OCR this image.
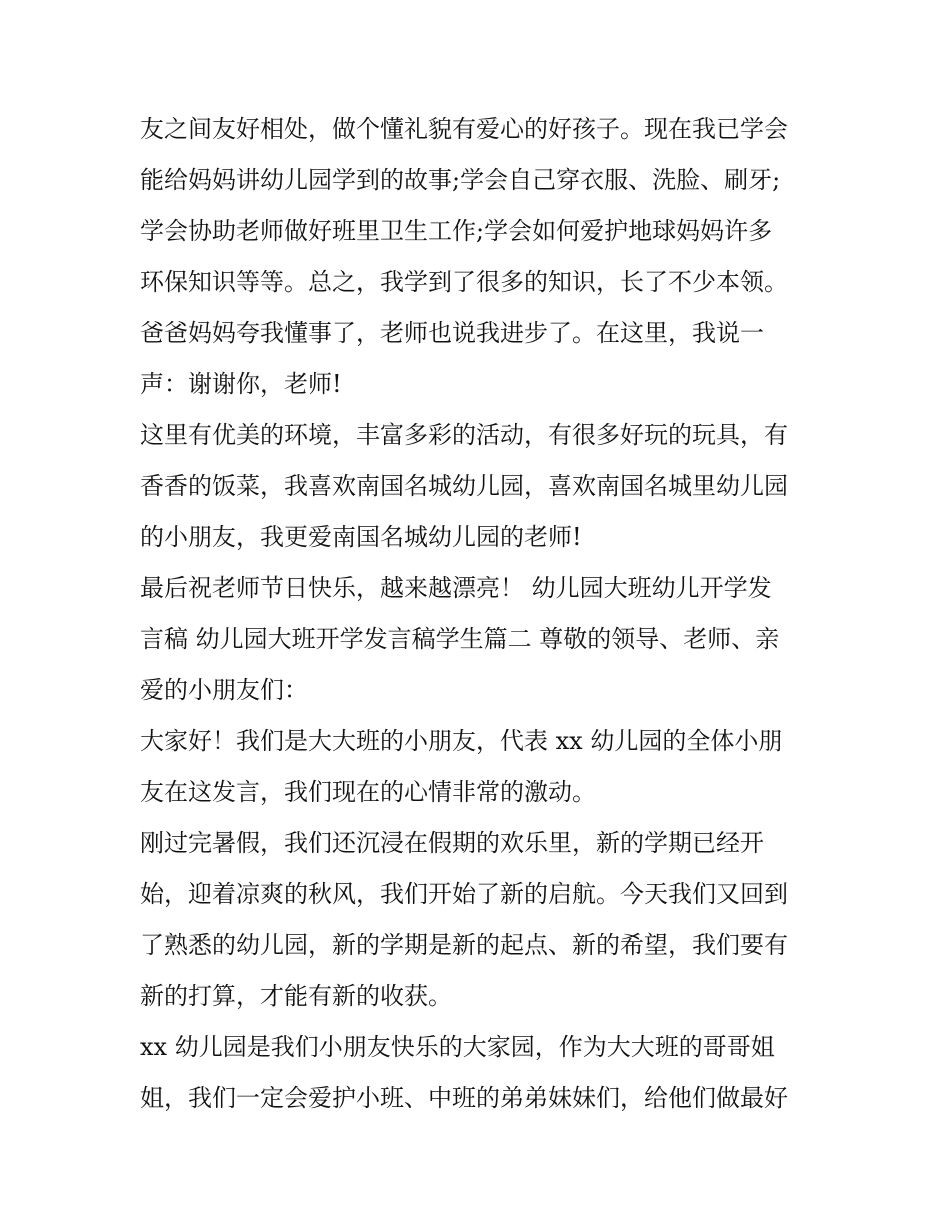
友之间友好相处，做个懂礼貌有爱心的好孩子。现在我已学会
能给妈妈讲幼儿园学到的故事;学会自己穿衣服、洗脸、刷牙;
学会协助老师做好班里卫生工作;学会如何爱护地球妈妈许多
环保知识等等。总之，我学到了很多的知识，长了不少本领。
爸爸妈妈夸我懂事了，老师也说我进步了。在这里，我说一
声：谢谢你，老师!
这里有优美的环境，丰富多彩的活动，有很多好玩的玩具，有
香香的饭菜，我喜欢南国名城幼儿园，喜欢南国名城里幼儿园
的小朋友，我更爱南国名城幼儿园的老师!
最后祝老师节日快乐，越来越漂亮！ 幼儿园大班幼儿开学发
言稿 幼儿园大班开学发言稿学生篇二 尊敬的领导、老师、亲
爱的小朋友们：
大家好！我们是大大班的小朋友，代表 xx 幼儿园的全体小朋
友在这发言，我们现在的心情非常的激动。
刚过完暑假，我们还沉浸在假期的欢乐里，新的学期已经开
始，迎着凉爽的秋风，我们开始了新的启航。今天我们又回到
了熟悉的幼儿园，新的学期是新的起点、新的希望，我们要有
新的打算，才能有新的收获。
xx 幼儿园是我们小朋友快乐的大家园，作为大大班的哥哥姐
姐，我们一定会爱护小班、中班的弟弟妹妹们，给他们做最好
